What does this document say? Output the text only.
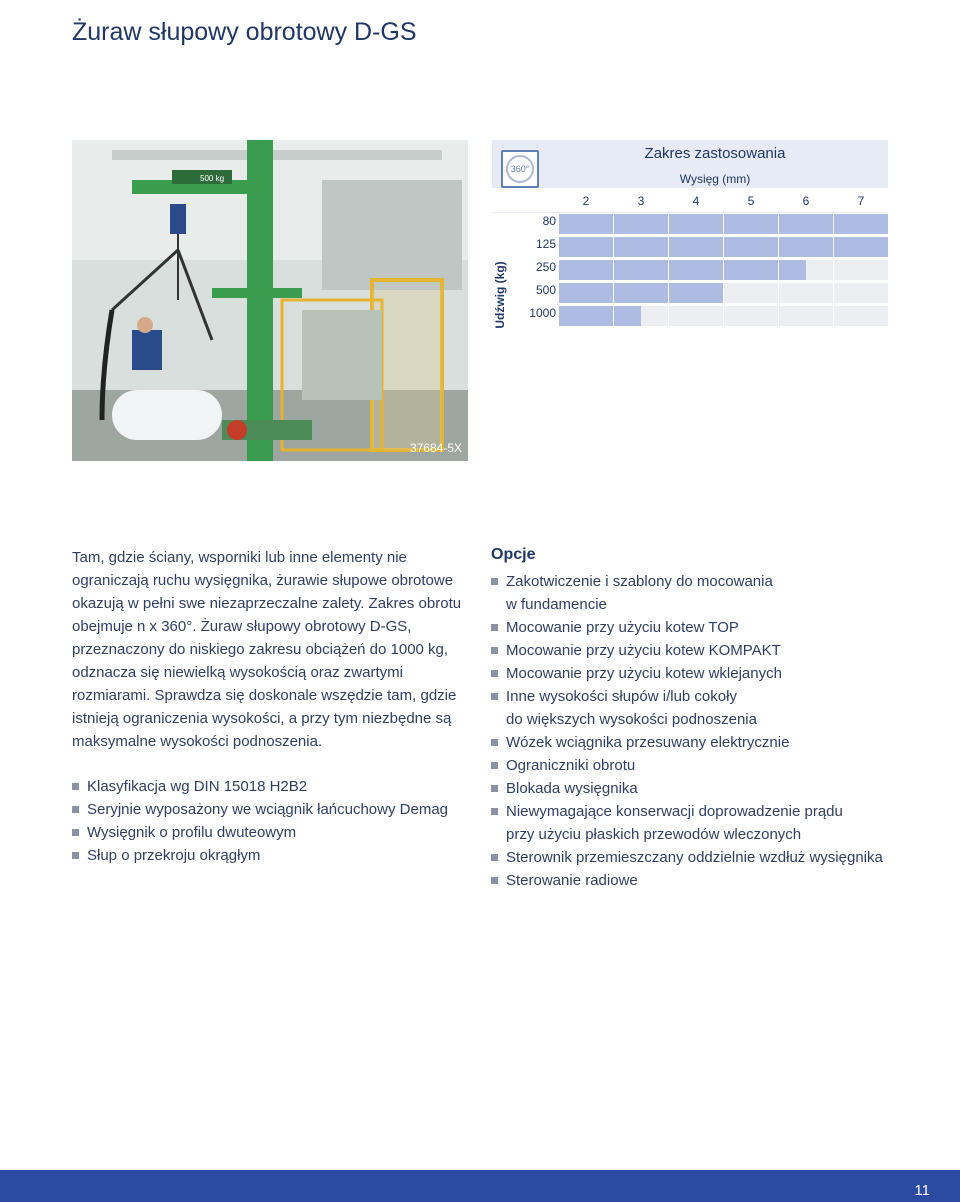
Żuraw słupowy obrotowy D-GS
500 kg
37684-5X
360°
Zakres zastosowania
Wysięg (mm)
2	3	4	5	6	7
Udźwig (kg)
80
125
250
500
1000

Tam, gdzie ściany, wsporniki lub inne elementy nie ograniczają ruchu wysięgnika, żurawie słupowe obrotowe okazują w pełni swe niezaprzeczalne zalety. Zakres obrotu obejmuje n x 360°. Żuraw słupowy obrotowy D-GS, przeznaczony do niskiego zakresu obciążeń do 1000 kg, odznacza się niewielką wysokością oraz zwartymi rozmiarami. Sprawdza się doskonale wszędzie tam, gdzie istnieją ograniczenia wysokości, a przy tym niezbędne są maksymalne wysokości podnoszenia.

Klasyfikacja wg DIN 15018 H2B2
Seryjnie wyposażony we wciągnik łańcuchowy Demag
Wysięgnik o profilu dwuteowym
Słup o przekroju okrągłym
Opcje
Zakotwiczenie i szablony do mocowania
w fundamencie
Mocowanie przy użyciu kotew TOP
Mocowanie przy użyciu kotew KOMPAKT
Mocowanie przy użyciu kotew wklejanych
Inne wysokości słupów i/lub cokoły
do większych wysokości podnoszenia
Wózek wciągnika przesuwany elektrycznie
Ograniczniki obrotu
Blokada wysięgnika
Niewymagające konserwacji doprowadzenie prądu
przy użyciu płaskich przewodów wleczonych
Sterownik przemieszczany oddzielnie wzdłuż wysięgnika
Sterowanie radiowe
11
